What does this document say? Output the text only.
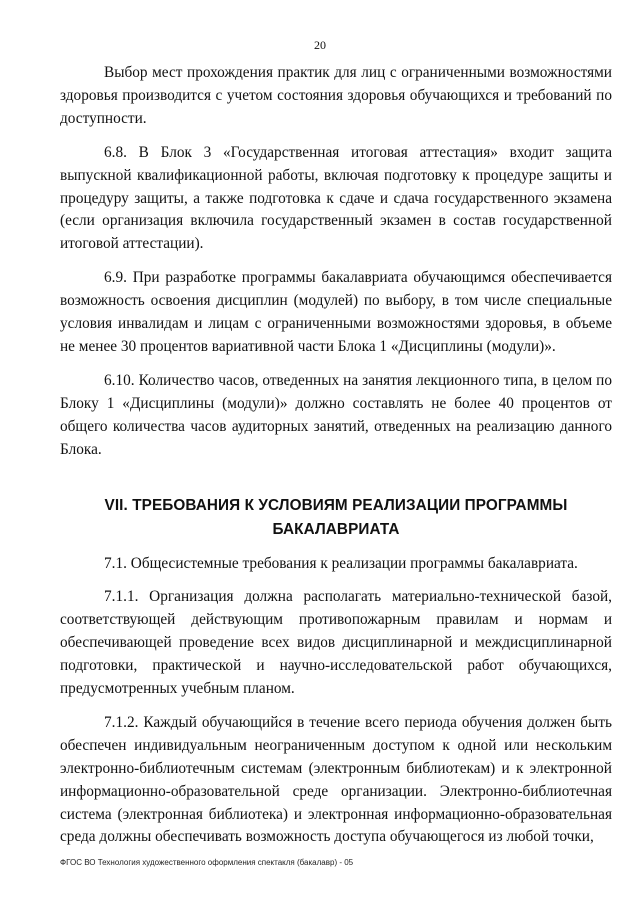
20

Выбор мест прохождения практик для лиц с ограниченными возможностями здоровья производится с учетом состояния здоровья обучающихся и требований по доступности.

6.8. В Блок 3 «Государственная итоговая аттестация» входит защита выпускной квалификационной работы, включая подготовку к процедуре защиты и процедуру защиты, а также подготовка к сдаче и сдача государственного экзамена (если организация включила государственный экзамен в состав государственной итоговой аттестации).

6.9. При разработке программы бакалавриата обучающимся обеспечивается возможность освоения дисциплин (модулей) по выбору, в том числе специальные условия инвалидам и лицам с ограниченными возможностями здоровья, в объеме не менее 30 процентов вариативной части Блока 1 «Дисциплины (модули)».

6.10. Количество часов, отведенных на занятия лекционного типа, в целом по Блоку 1 «Дисциплины (модули)» должно составлять не более 40 процентов от общего количества часов аудиторных занятий, отведенных на реализацию данного Блока.

VII. ТРЕБОВАНИЯ К УСЛОВИЯМ РЕАЛИЗАЦИИ ПРОГРАММЫ
БАКАЛАВРИАТА

7.1. Общесистемные требования к реализации программы бакалавриата.

7.1.1. Организация должна располагать материально-технической базой, соответствующей действующим противопожарным правилам и нормам и обеспечивающей проведение всех видов дисциплинарной и междисциплинарной подготовки, практической и научно-исследовательской работ обучающихся, предусмотренных учебным планом.

7.1.2. Каждый обучающийся в течение всего периода обучения должен быть обеспечен индивидуальным неограниченным доступом к одной или нескольким электронно-библиотечным системам (электронным библиотекам) и к электронной информационно-образовательной среде организации. Электронно-библиотечная система (электронная библиотека) и электронная информационно-образовательная среда должны обеспечивать возможность доступа обучающегося из любой точки,

ФГОС ВО Технология художественного оформления спектакля (бакалавр) - 05
